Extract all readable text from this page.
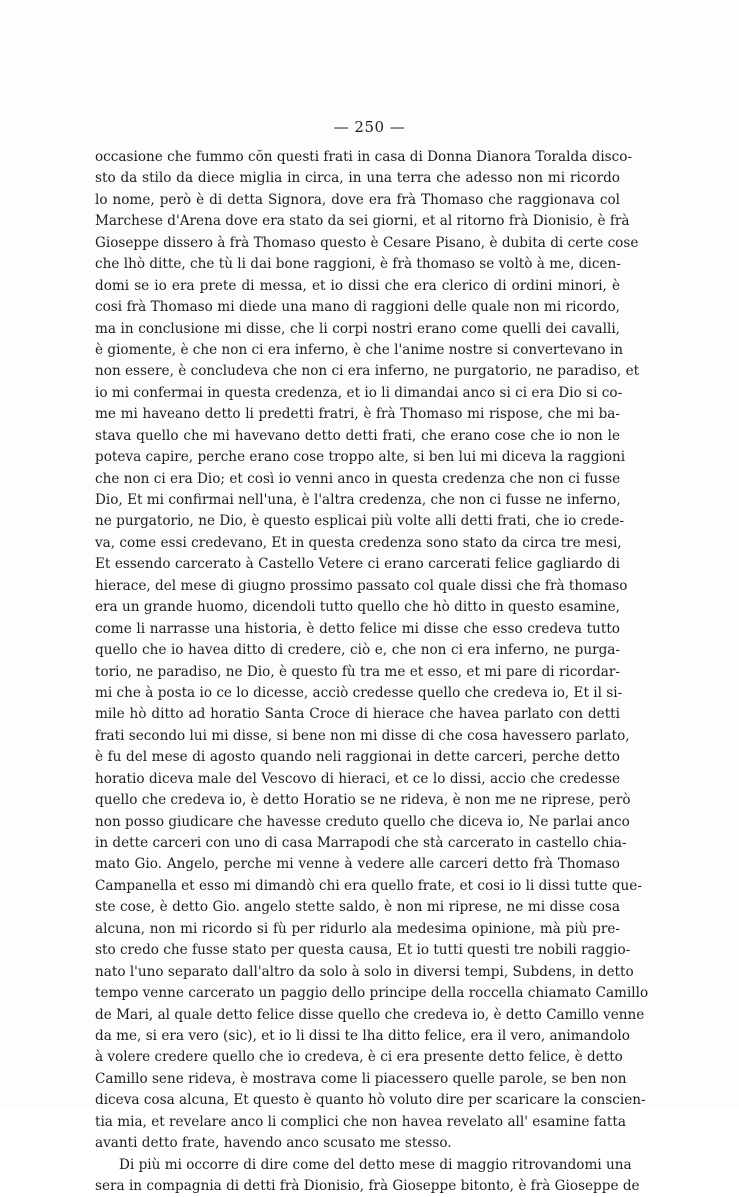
— 250 —
occasione che fummo cŏn questi frati in casa di Donna Dianora Toralda disco-
sto da stilo da diece miglia in circa, in una terra che adesso non mi ricordo
lo nome, però è di detta Signora, dove era frà Thomaso che raggionava col
Marchese d'Arena dove era stato da sei giorni, et al ritorno frà Dionisio, è frà
Gioseppe dissero à frà Thomaso questo è Cesare Pisano, è dubita di certe cose
che lhò ditte, che tù li dai bone raggioni, è frà thomaso se voltò à me, dicen-
domi se io era prete di messa, et io dissi che era clerico di ordini minori, è
cosi frà Thomaso mi diede una mano di raggioni delle quale non mi ricordo,
ma in conclusione mi disse, che li corpi nostri erano come quelli dei cavalli,
è giomente, è che non ci era inferno, è che l'anime nostre si convertevano in
non essere, è concludeva che non ci era inferno, ne purgatorio, ne paradiso, et
io mi confermai in questa credenza, et io li dimandai anco si ci era Dio si co-
me mi haveano detto li predetti fratri, è frà Thomaso mi rispose, che mi ba-
stava quello che mi havevano detto detti frati, che erano cose che io non le
poteva capire, perche erano cose troppo alte, si ben lui mi diceva la raggioni
che non ci era Dio; et così io venni anco in questa credenza che non ci fusse
Dio, Et mi confirmai nell'una, è l'altra credenza, che non ci fusse ne inferno,
ne purgatorio, ne Dio, è questo esplicai più volte alli detti frati, che io crede-
va, come essi credevano, Et in questa credenza sono stato da circa tre mesi,
Et essendo carcerato à Castello Vetere ci erano carcerati felice gagliardo di
hierace, del mese di giugno prossimo passato col quale dissi che frà thomaso
era un grande huomo, dicendoli tutto quello che hò ditto in questo esamine,
come li narrasse una historia, è detto felice mi disse che esso credeva tutto
quello che io havea ditto di credere, ciò e, che non ci era inferno, ne purga-
torio, ne paradiso, ne Dio, è questo fù tra me et esso, et mi pare di ricordar-
mi che à posta io ce lo dicesse, acciò credesse quello che credeva io, Et il si-
mile hò ditto ad horatio Santa Croce di hierace che havea parlato con detti
frati secondo lui mi disse, si bene non mi disse di che cosa havessero parlato,
è fu del mese di agosto quando neli raggionai in dette carceri, perche detto
horatio diceva male del Vescovo di hieraci, et ce lo dissi, accio che credesse
quello che credeva io, è detto Horatio se ne rideva, è non me ne riprese, però
non posso giudicare che havesse creduto quello che diceva io, Ne parlai anco
in dette carceri con uno di casa Marrapodi che stà carcerato in castello chia-
mato Gio. Angelo, perche mi venne à vedere alle carceri detto frà Thomaso
Campanella et esso mi dimandò chi era quello frate, et cosi io li dissi tutte que-
ste cose, è detto Gio. angelo stette saldo, è non mi riprese, ne mi disse cosa
alcuna, non mi ricordo si fù per ridurlo ala medesima opinione, mà più pre-
sto credo che fusse stato per questa causa, Et io tutti questi tre nobili raggio-
nato l'uno separato dall'altro da solo à solo in diversi tempi, Subdens, in detto
tempo venne carcerato un paggio dello principe della roccella chiamato Camillo
de Mari, al quale detto felice disse quello che credeva io, è detto Camillo venne
da me, si era vero (sic), et io li dissi te lha ditto felice, era il vero, animandolo
à volere credere quello che io credeva, è ci era presente detto felice, è detto
Camillo sene rideva, è mostrava come li piacessero quelle parole, se ben non
diceva cosa alcuna, Et questo è quanto hò voluto dire per scaricare la conscien-
tia mia, et revelare anco li complici che non havea revelato all' esamine fatta
avanti detto frate, havendo anco scusato me stesso.
Di più mi occorre di dire come del detto mese di maggio ritrovandomi una
sera in compagnia di detti frà Dionisio, frà Gioseppe bitonto, è frà Gioseppe de
